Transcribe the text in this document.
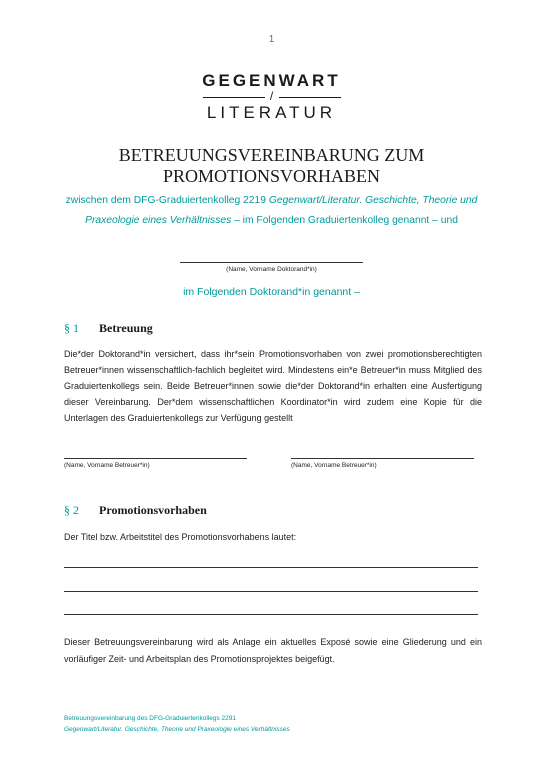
1
GEGENWART
/
LITERATUR
BETREUUNGSVEREINBARUNG ZUM
PROMOTIONSVORHABEN
zwischen dem DFG-Graduiertenkolleg 2219 Gegenwart/Literatur. Geschichte, Theorie und Praxeologie eines Verhältnisses – im Folgenden Graduiertenkolleg genannt – und
(Name, Vorname Doktorand*in)
im Folgenden Doktorand*in genannt –
§ 1 Betreuung
Die*der Doktorand*in versichert, dass ihr*sein Promotionsvorhaben von zwei promotionsberechtigten Betreuer*innen wissenschaftlich-fachlich begleitet wird. Mindestens ein*e Betreuer*in muss Mitglied des Graduiertenkollegs sein. Beide Betreuer*innen sowie die*der Doktorand*in erhalten eine Ausfertigung dieser Vereinbarung. Der*dem wissenschaftlichen Koordinator*in wird zudem eine Kopie für die Unterlagen des Graduiertenkollegs zur Verfügung gestellt
(Name, Vorname Betreuer*in)	(Name, Vorname Betreuer*in)
§ 2 Promotionsvorhaben
Der Titel bzw. Arbeitstitel des Promotionsvorhabens lautet:
Dieser Betreuungsvereinbarung wird als Anlage ein aktuelles Exposé sowie eine Gliederung und ein vorläufiger Zeit- und Arbeitsplan des Promotionsprojektes beigefügt.
Betreuungsvereinbarung des DFG-Graduiertenkollegs 2291
Gegenwart/Literatur. Geschichte, Theorie und Praxeologie eines Verhältnisses
